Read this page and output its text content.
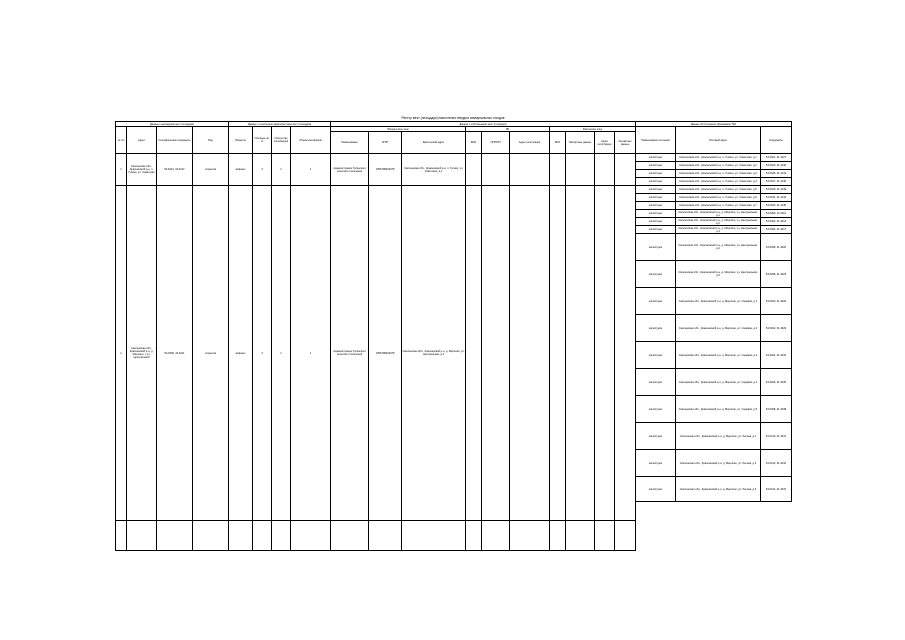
Реестр мест (площадок) накопления твердых коммунальных отходов
Данные о нахождении мест (площадок)				Данные о технических характеристиках мест (площадок)				Данные о собственниках мест (площадок)									
№ п/п	Адрес	Географические координаты	Вид	Покрытие	Площадь, кв. м	Количество контейнеров	Объем контейнеров	Юридическое лицо			ИП			Физическое лицо			
								Наименование	ОГРН	Фактический адрес	ФИО	ОГРНИП	Адрес регистрации	ФИО	Паспортные данные	Адрес регистрации	Контактные данные
1	Смоленская обл., Краснинский р-н, п. Гусино, ул. Советская	54.6421, 31.4127	открытая	асфальт	4	1	1	Администрация Гусинского сельского поселения	1056708019375	Смоленская обл., Краснинский р-н, п. Гусино, ул. Советская, д.1							
2	Смоленская обл., Краснинский р-н, д. Мерлино, у ул. Центральной	54.6390, 31.4011	открытая	асфальт	4	1	1	Администрация Гусинского сельского поселения	1056708019375	Смоленская обл., Краснинский р-н, д. Мерлино, ул. Центральная, д.2							

Данные об источниках образования ТКО		
Наименование источника	Почтовый адрес	Координаты
жилой дом	Смоленская обл., Краснинский р-н, п. Гусино, ул. Советская, д.1	54.6421, 31.4127
жилой дом	Смоленская обл., Краснинский р-н, п. Гусино, ул. Советская, д.2	54.6423, 31.4130
жилой дом	Смоленская обл., Краснинский р-н, п. Гусино, ул. Советская, д.3	54.6425, 31.4133
жилой дом	Смоленская обл., Краснинский р-н, п. Гусино, ул. Советская, д.4	54.6427, 31.4136
жилой дом	Смоленская обл., Краснинский р-н, п. Гусино, ул. Советская, д.5	54.6429, 31.4139
жилой дом	Смоленская обл., Краснинский р-н, п. Гусино, ул. Советская, д.6	54.6431, 31.4142
жилой дом	Смоленская обл., Краснинский р-н, п. Гусино, ул. Советская, д.7	54.6433, 31.4145
жилой дом	Смоленская обл., Краснинский р-н, д. Мерлино, ул. Центральная, д.1	54.6390, 31.4011
жилой дом	Смоленская обл., Краснинский р-н, д. Мерлино, ул. Центральная, д.2	54.6392, 31.4014
жилой дом	Смоленская обл., Краснинский р-н, д. Мерлино, ул. Центральная, д.3	54.6394, 31.4017
жилой дом	Смоленская обл., Краснинский р-н, д. Мерлино, ул. Центральная, д.4	54.6396, 31.4020
жилой дом	Смоленская обл., Краснинский р-н, д. Мерлино, ул. Центральная, д.5	54.6398, 31.4023
жилой дом	Смоленская обл., Краснинский р-н, д. Мерлино, ул. Садовая, д.1	54.6400, 31.4026
жилой дом	Смоленская обл., Краснинский р-н, д. Мерлино, ул. Садовая, д.2	54.6402, 31.4029
жилой дом	Смоленская обл., Краснинский р-н, д. Мерлино, ул. Садовая, д.3	54.6404, 31.4032
жилой дом	Смоленская обл., Краснинский р-н, д. Мерлино, ул. Садовая, д.4	54.6406, 31.4035
жилой дом	Смоленская обл., Краснинский р-н, д. Мерлино, ул. Садовая, д.5	54.6408, 31.4038
жилой дом	Смоленская обл., Краснинский р-н, д. Мерлино, ул. Лесная, д.1	54.6410, 31.4041
жилой дом	Смоленская обл., Краснинский р-н, д. Мерлино, ул. Лесная, д.2	54.6412, 31.4044
жилой дом	Смоленская обл., Краснинский р-н, д. Мерлино, ул. Лесная, д.3	54.6414, 31.4047
